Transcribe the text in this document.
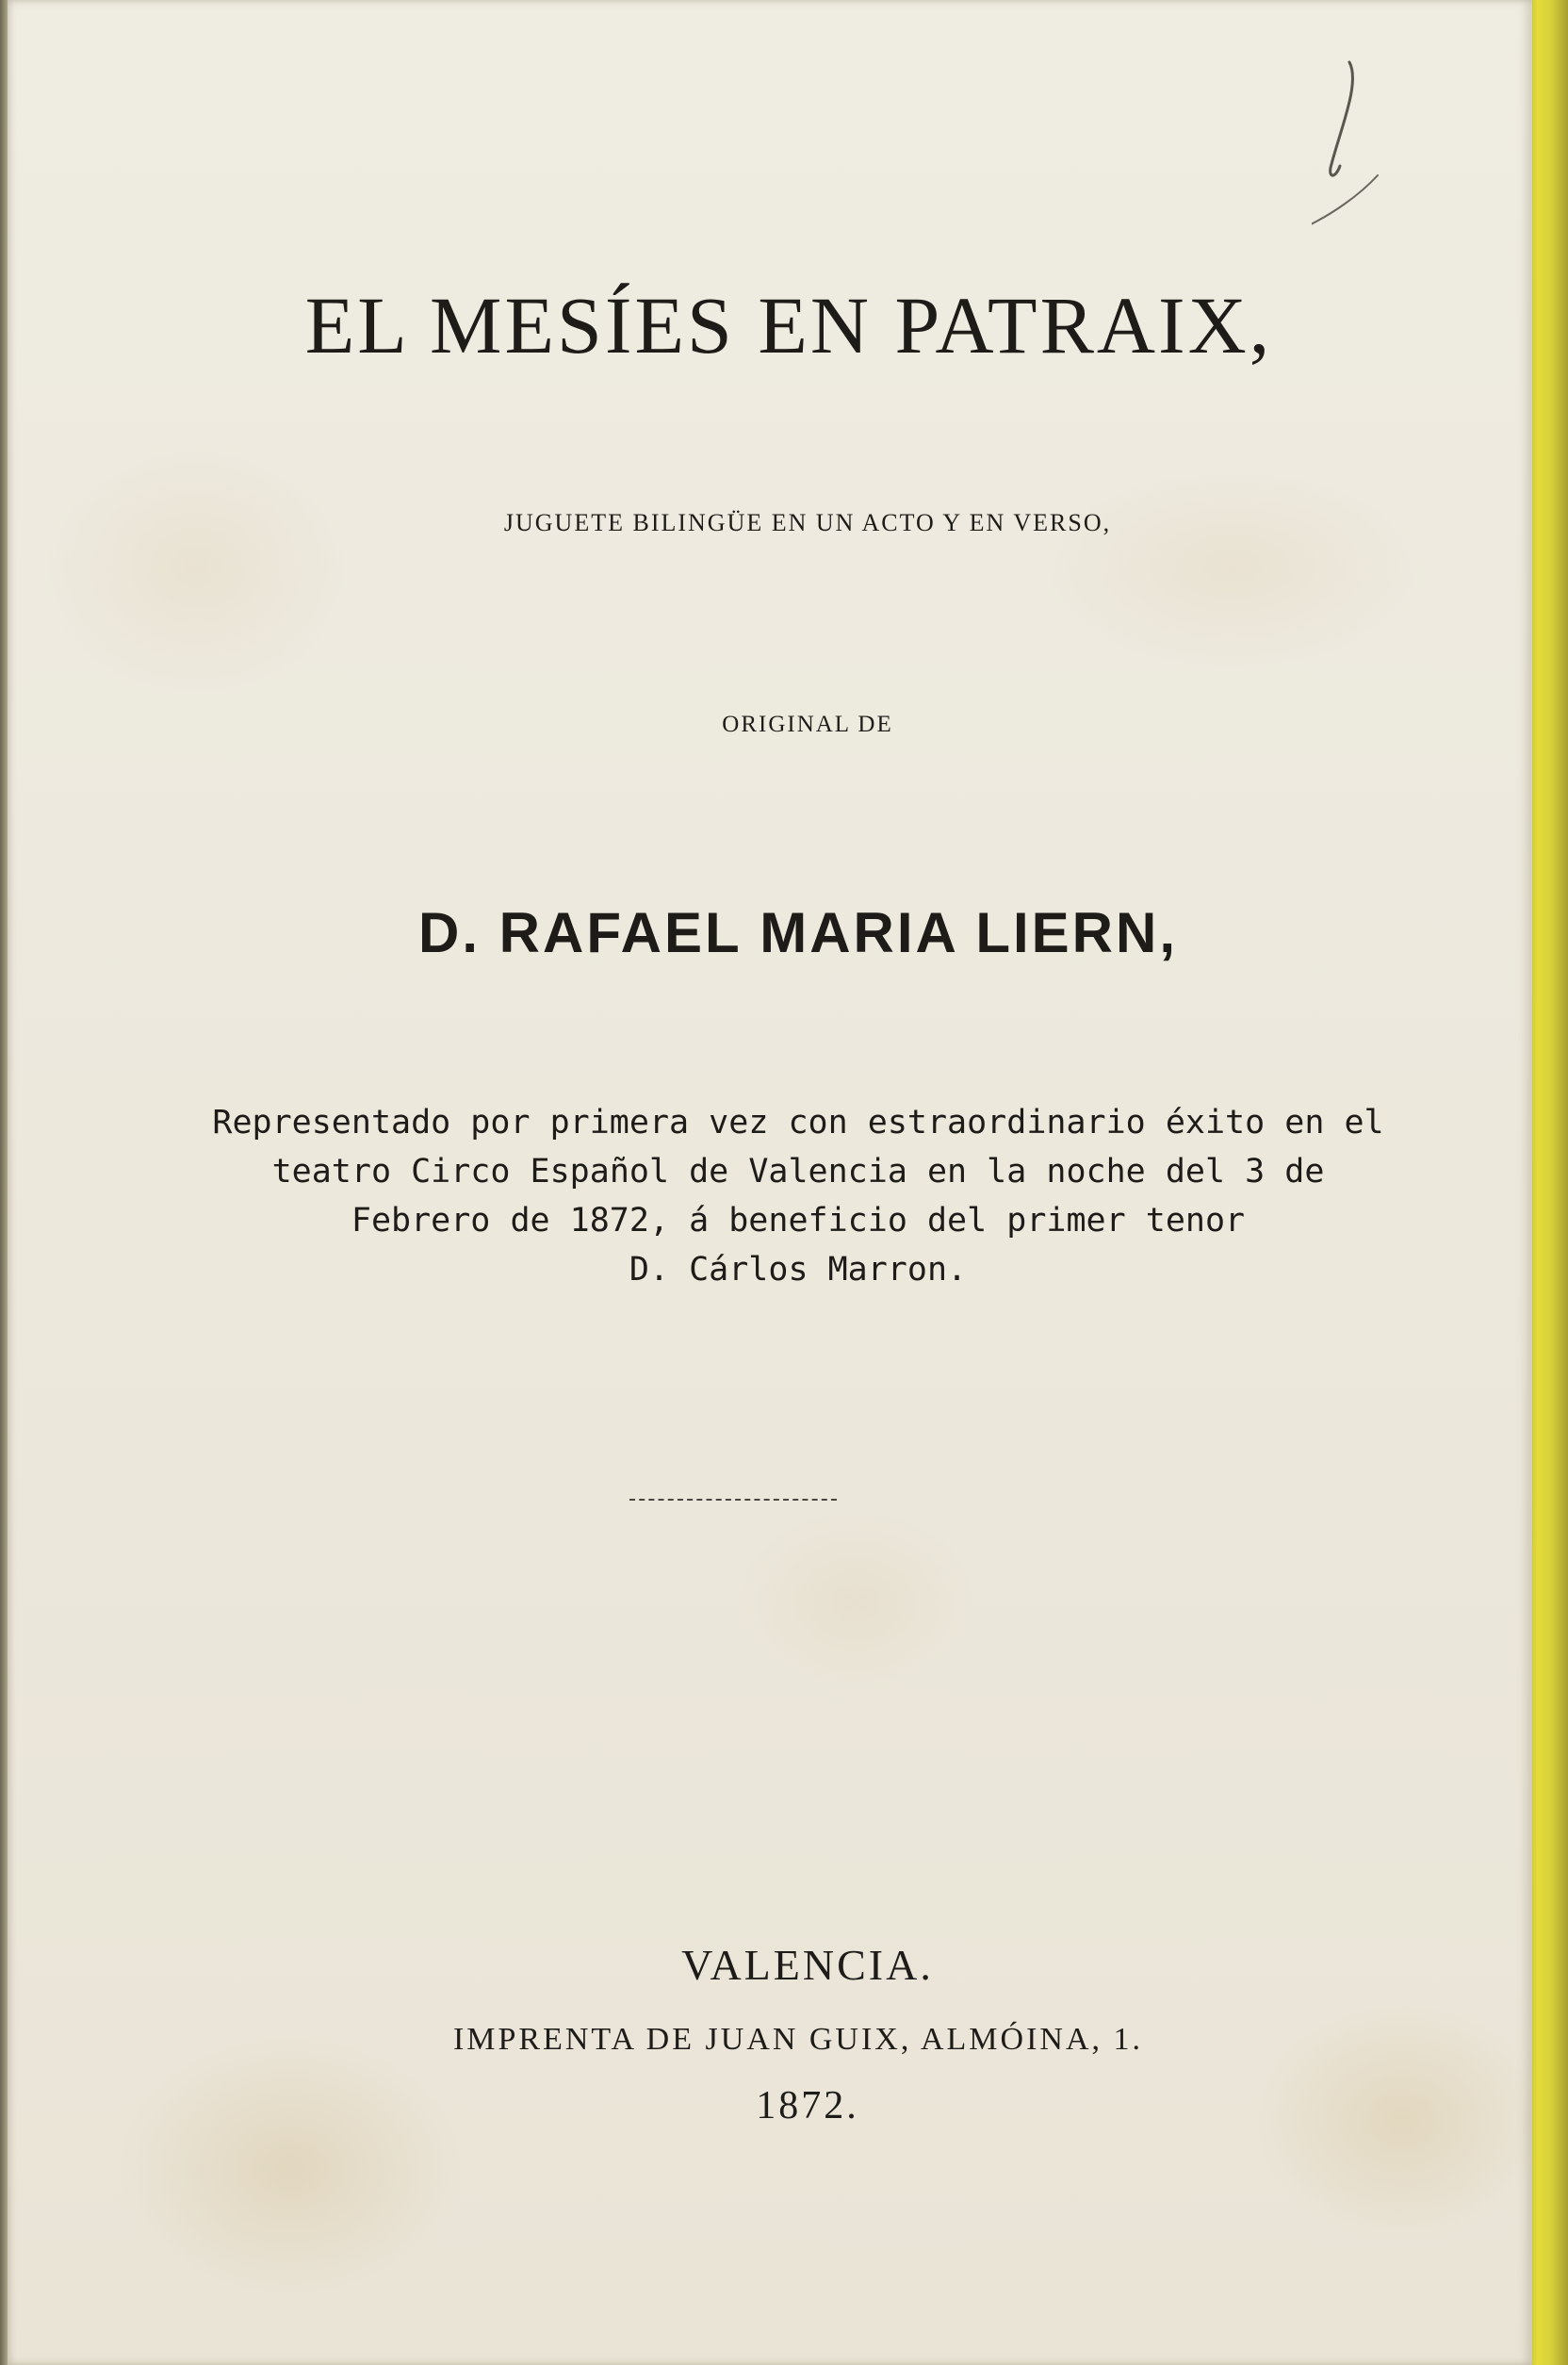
EL MESÍES EN PATRAIX,
JUGUETE BILINGÜE EN UN ACTO Y EN VERSO,
ORIGINAL DE
D. RAFAEL MARIA LIERN,
Representado por primera vez con estraordinario éxito en el
teatro Circo Español de Valencia en la noche del 3 de
Febrero de 1872, á beneficio del primer tenor
D. Cárlos Marron.
VALENCIA.
IMPRENTA DE JUAN GUIX, ALMÓINA, 1.
1872.
